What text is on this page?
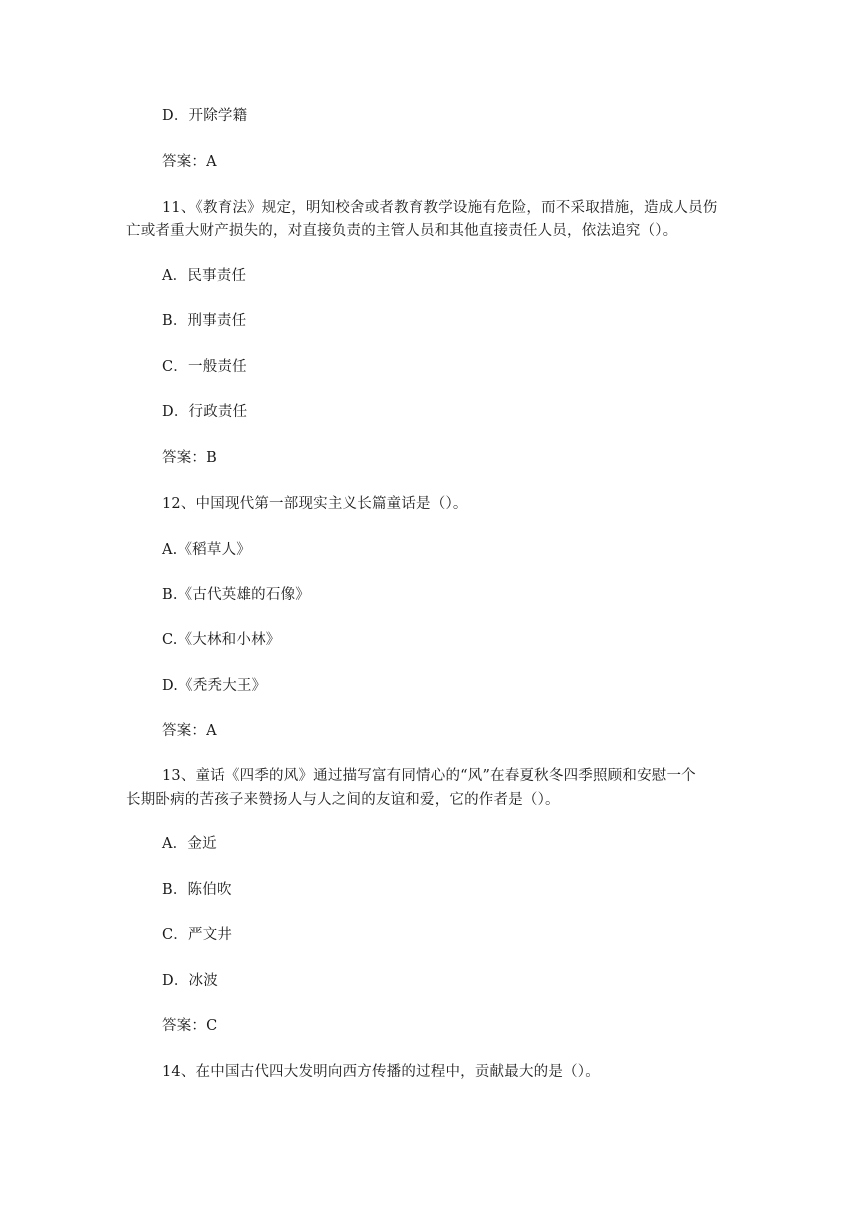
D．开除学籍
答案：A
11、《教育法》规定，明知校舍或者教育教学设施有危险，而不采取措施，造成人员伤
亡或者重大财产损失的，对直接负责的主管人员和其他直接责任人员，依法追究（）。
A．民事责任
B．刑事责任
C．一般责任
D．行政责任
答案：B
12、中国现代第一部现实主义长篇童话是（）。
A.《稻草人》
B.《古代英雄的石像》
C.《大林和小林》
D.《秃秃大王》
答案：A
13、童话《四季的风》通过描写富有同情心的“风”在春夏秋冬四季照顾和安慰一个
长期卧病的苦孩子来赞扬人与人之间的友谊和爱，它的作者是（）。
A．金近
B．陈伯吹
C．严文井
D．冰波
答案：C
14、在中国古代四大发明向西方传播的过程中，贡献最大的是（）。
